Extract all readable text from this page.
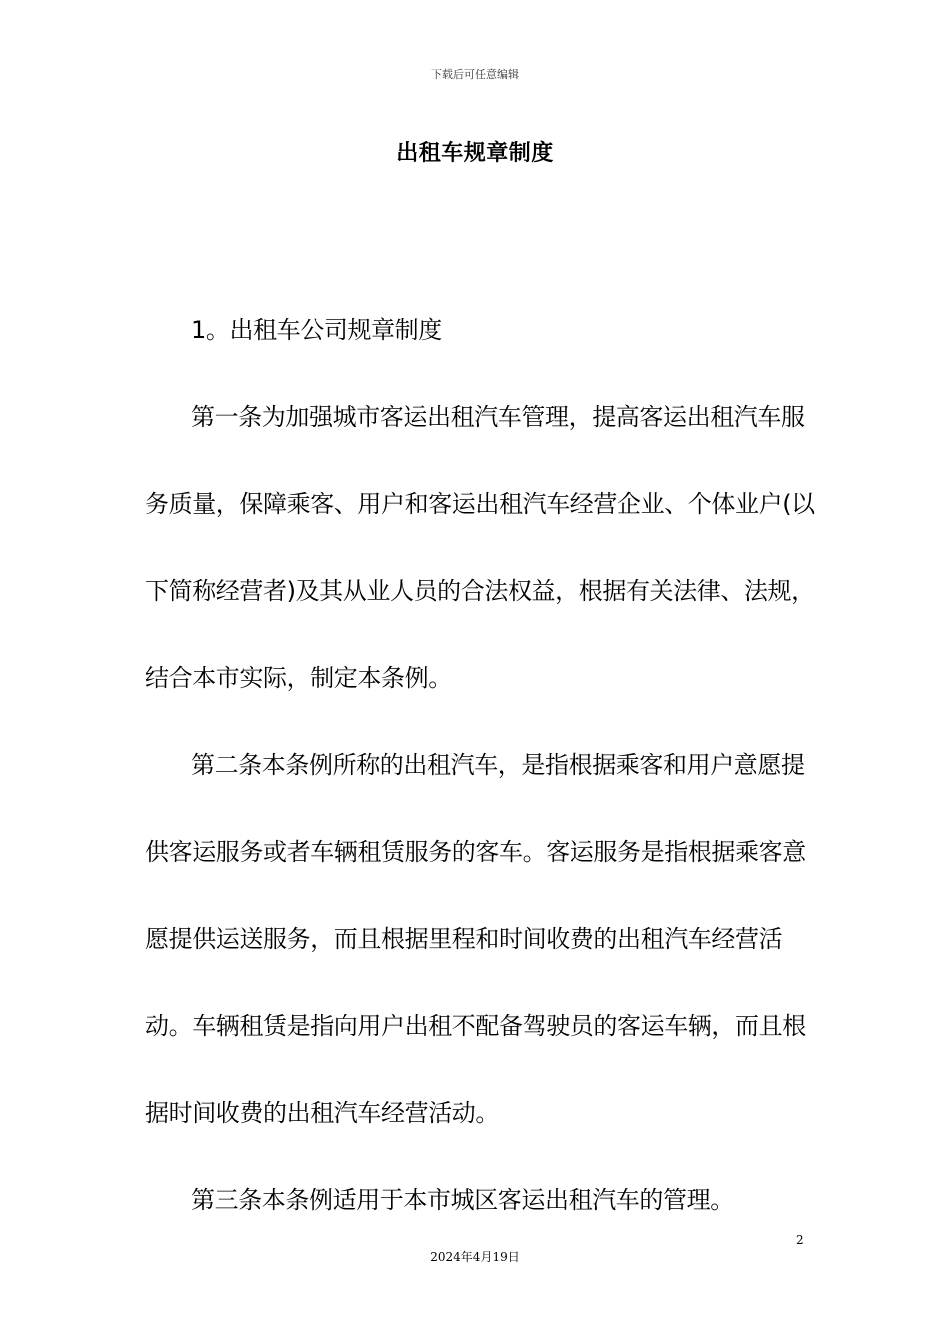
下载后可任意编辑
出租车规章制度

1。出租车公司规章制度

第一条为加强城市客运出租汽车管理，提高客运出租汽车服务质量，保障乘客、用户和客运出租汽车经营企业、个体业户(以下简称经营者)及其从业人员的合法权益，根据有关法律、法规，结合本市实际，制定本条例。

第二条本条例所称的出租汽车，是指根据乘客和用户意愿提供客运服务或者车辆租赁服务的客车。客运服务是指根据乘客意愿提供运送服务，而且根据里程和时间收费的出租汽车经营活动。车辆租赁是指向用户出租不配备驾驶员的客运车辆，而且根据时间收费的出租汽车经营活动。

第三条本条例适用于本市城区客运出租汽车的管理。

2
2024年4月19日
